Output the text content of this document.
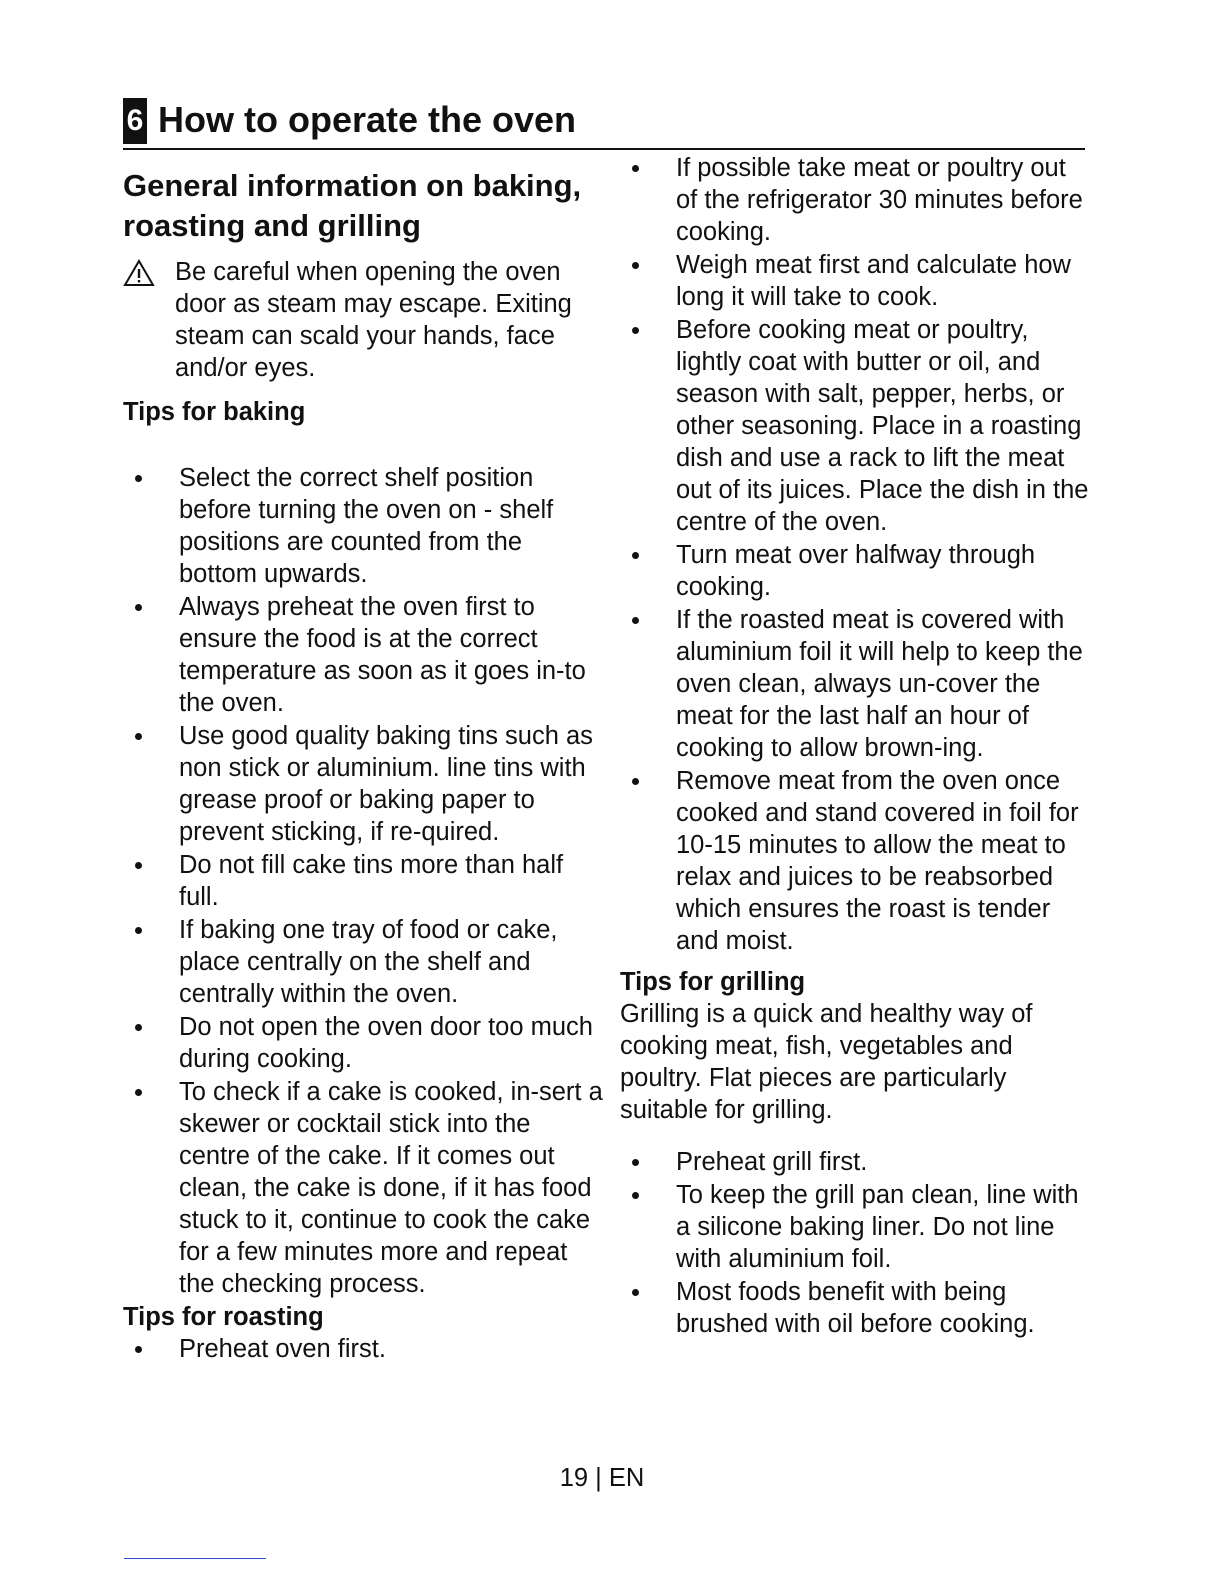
6 How to operate the oven
General information on baking,
roasting and grilling
Be careful when opening the oven door as steam may escape. Exiting steam can scald your hands, face and/or eyes.
Tips for baking
Select the correct shelf position before turning the oven on - shelf positions are counted from the bottom upwards.
Always preheat the oven first to ensure the food is at the correct temperature as soon as it goes in-to the oven.
Use good quality baking tins such as non stick or aluminium. line tins with grease proof or baking paper to prevent sticking, if re-quired.
Do not fill cake tins more than half full.
If baking one tray of food or cake, place centrally on the shelf and centrally within the oven.
Do not open the oven door too much during cooking.
To check if a cake is cooked, in-sert a skewer or cocktail stick into the centre of the cake. If it comes out clean, the cake is done, if it has food stuck to it, continue to cook the cake for a few minutes more and repeat the checking process.
Tips for roasting
Preheat oven first.
If possible take meat or poultry out of the refrigerator 30 minutes before cooking.
Weigh meat first and calculate how long it will take to cook.
Before cooking meat or poultry, lightly coat with butter or oil, and season with salt, pepper, herbs, or other seasoning. Place in a roasting dish and use a rack to lift the meat out of its juices. Place the dish in the centre of the oven.
Turn meat over halfway through cooking.
If the roasted meat is covered with aluminium foil it will help to keep the oven clean, always un-cover the meat for the last half an hour of cooking to allow brown-ing.
Remove meat from the oven once cooked and stand covered in foil for 10-15 minutes to allow the meat to relax and juices to be reabsorbed which ensures the roast is tender and moist.
Tips for grilling
Grilling is a quick and healthy way of cooking meat, fish, vegetables and poultry. Flat pieces are particularly suitable for grilling.
Preheat grill first.
To keep the grill pan clean, line with a silicone baking liner. Do not line with aluminium foil.
Most foods benefit with being brushed with oil before cooking.
19 | EN
